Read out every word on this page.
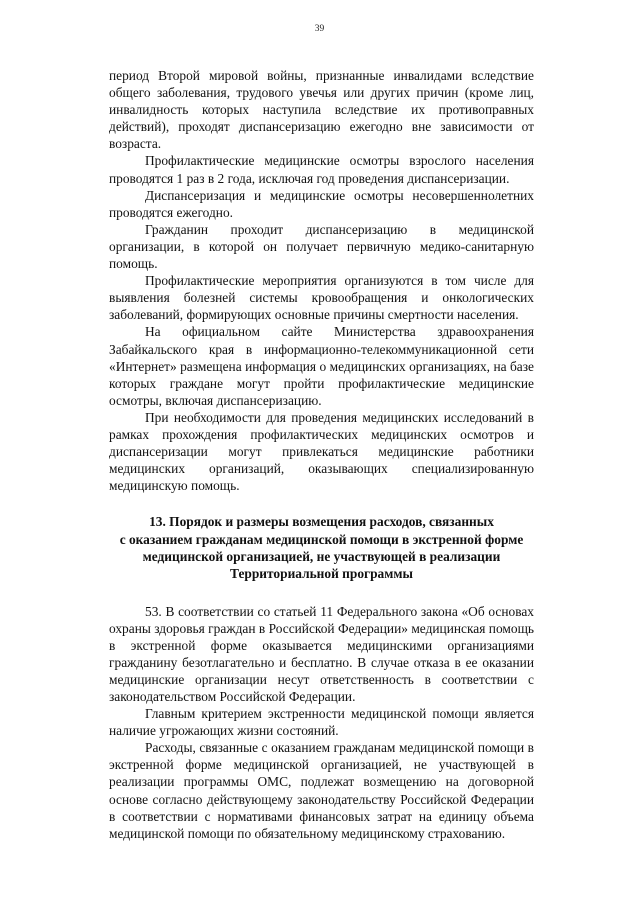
39

период Второй мировой войны, признанные инвалидами вследствие общего заболевания, трудового увечья или других причин (кроме лиц, инвалидность которых наступила вследствие их противоправных действий), проходят диспансеризацию ежегодно вне зависимости от возраста.

Профилактические медицинские осмотры взрослого населения проводятся 1 раз в 2 года, исключая год проведения диспансеризации.

Диспансеризация и медицинские осмотры несовершеннолетних проводятся ежегодно.

Гражданин проходит диспансеризацию в медицинской организации, в которой он получает первичную медико-санитарную помощь.

Профилактические мероприятия организуются в том числе для выявления болезней системы кровообращения и онкологических заболеваний, формирующих основные причины смертности населения.

На официальном сайте Министерства здравоохранения Забайкальского края в информационно-телекоммуникационной сети «Интернет» размещена информация о медицинских организациях, на базе которых граждане могут пройти профилактические медицинские осмотры, включая диспансеризацию.

При необходимости для проведения медицинских исследований в рамках прохождения профилактических медицинских осмотров и диспансеризации могут привлекаться медицинские работники медицинских организаций, оказывающих специализированную медицинскую помощь.

13. Порядок и размеры возмещения расходов, связанных
с оказанием гражданам медицинской помощи в экстренной форме
медицинской организацией, не участвующей в реализации
Территориальной программы

53. В соответствии со статьей 11 Федерального закона «Об основах охраны здоровья граждан в Российской Федерации» медицинская помощь в экстренной форме оказывается медицинскими организациями гражданину безотлагательно и бесплатно. В случае отказа в ее оказании медицинские организации несут ответственность в соответствии с законодательством Российской Федерации.

Главным критерием экстренности медицинской помощи является наличие угрожающих жизни состояний.

Расходы, связанные с оказанием гражданам медицинской помощи в экстренной форме медицинской организацией, не участвующей в реализации программы ОМС, подлежат возмещению на договорной основе согласно действующему законодательству Российской Федерации в соответствии с нормативами финансовых затрат на единицу объема медицинской помощи по обязательному медицинскому страхованию.
